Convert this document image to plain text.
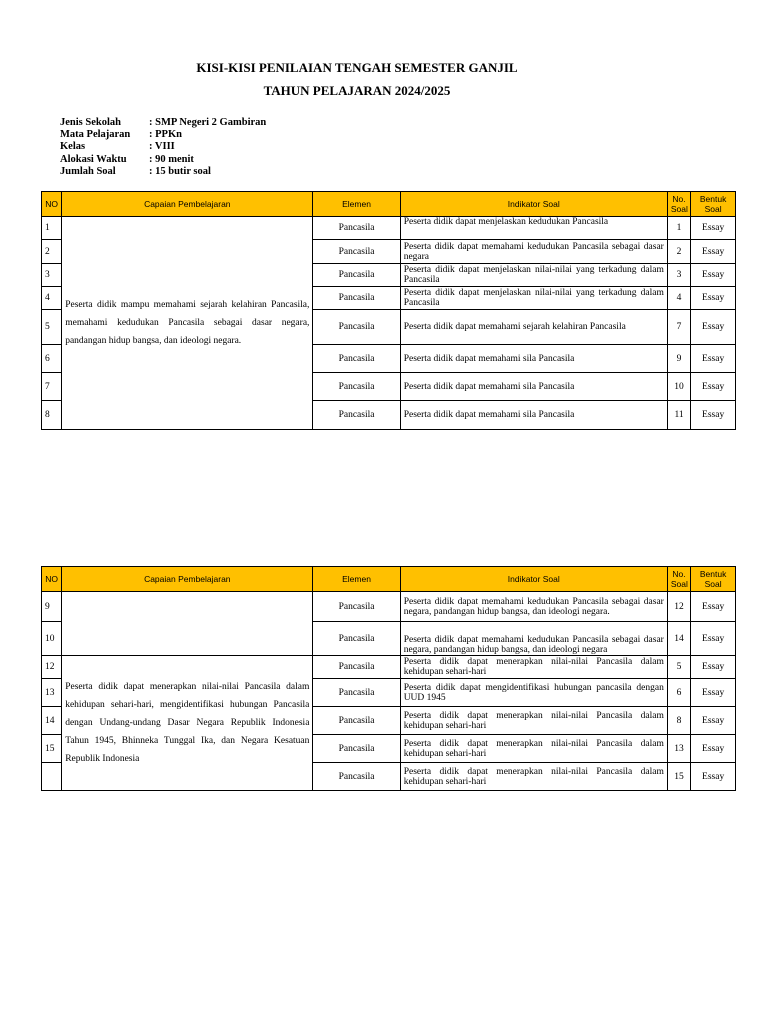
KISI-KISI PENILAIAN TENGAH SEMESTER GANJIL
TAHUN PELAJARAN 2024/2025
Jenis Sekolah	: SMP Negeri 2 Gambiran
Mata Pelajaran	: PPKn
Kelas	: VIII
Alokasi Waktu	: 90 menit
Jumlah Soal	: 15 butir soal
NO	Capaian Pembelajaran	Elemen	Indikator Soal	No. Soal	Bentuk Soal
1	Peserta didik mampu memahami sejarah kelahiran Pancasila, memahami kedudukan Pancasila sebagai dasar negara, pandangan hidup bangsa, dan ideologi negara.	Pancasila	Peserta didik dapat menjelaskan kedudukan Pancasila	1	Essay
2		Pancasila	Peserta didik dapat memahami kedudukan Pancasila sebagai dasar negara	2	Essay
3		Pancasila	Peserta didik dapat menjelaskan nilai-nilai yang terkadung dalam Pancasila	3	Essay
4		Pancasila	Peserta didik dapat menjelaskan nilai-nilai yang terkadung dalam Pancasila	4	Essay
5		Pancasila	Peserta didik dapat memahami sejarah kelahiran Pancasila	7	Essay
6		Pancasila	Peserta didik dapat memahami sila Pancasila	9	Essay
7		Pancasila	Peserta didik dapat memahami sila Pancasila	10	Essay
8		Pancasila	Peserta didik dapat memahami sila Pancasila	11	Essay
NO	Capaian Pembelajaran	Elemen	Indikator Soal	No. Soal	Bentuk Soal
9		Pancasila	Peserta didik dapat memahami kedudukan Pancasila sebagai dasar negara, pandangan hidup bangsa, dan ideologi negara.	12	Essay
10		Pancasila	Peserta didik dapat memahami kedudukan Pancasila sebagai dasar negara, pandangan hidup bangsa, dan ideologi negara	14	Essay
12	Peserta didik dapat menerapkan nilai-nilai Pancasila dalam kehidupan sehari-hari, mengidentifikasi hubungan Pancasila dengan Undang-undang Dasar Negara Republik Indonesia Tahun 1945, Bhinneka Tunggal Ika, dan Negara Kesatuan Republik Indonesia	Pancasila	Peserta didik dapat menerapkan nilai-nilai Pancasila dalam kehidupan sehari-hari	5	Essay
13		Pancasila	Peserta didik dapat mengidentifikasi hubungan pancasila dengan UUD 1945	6	Essay
14		Pancasila	Peserta didik dapat menerapkan nilai-nilai Pancasila dalam kehidupan sehari-hari	8	Essay
15		Pancasila	Peserta didik dapat menerapkan nilai-nilai Pancasila dalam kehidupan sehari-hari	13	Essay
		Pancasila	Peserta didik dapat menerapkan nilai-nilai Pancasila dalam kehidupan sehari-hari	15	Essay
